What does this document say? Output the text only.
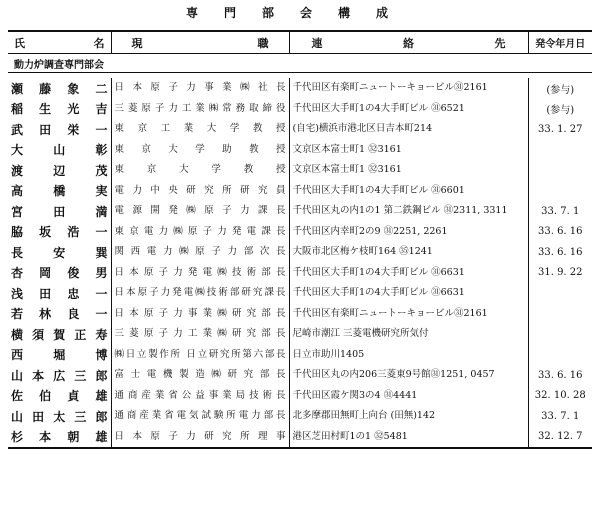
専門部会構成
氏名	現職	連絡先	発令年月日
動力炉調査専門部会			

瀬藤象二	日本原子力事業㈱社長	千代田区有楽町ニュートーキョービル㉛2161	(参与)
稲生光吉	三菱原子力工業㈱常務取締役	千代田区大手町1の4大手町ビル ㉛6521	(参与)
武田栄一	東京工業大学教授	(自宅)横浜市港北区日吉本町214	33. 1. 27
大山彰	東京大学助教授	文京区本富士町1 ㉜3161	
渡辺茂	東京大学教授	文京区本富士町1 ㉜3161	
高橋実	電力中央研究所研究員	千代田区大手町1の4大手町ビル ㉛6601	
宮田満	電源開発㈱原子力課長	千代田区丸の内1の1 第二鉄鋼ビル ㉛2311, 3311	33. 7. 1
脇坂浩一	東京電力㈱原子力発電課長	千代田区内幸町2の9 ㉛2251, 2261	33. 6. 16
長安巽	関西電力㈱原子力部次長	大阪市北区梅ケ枝町164 ㉟1241	33. 6. 16
杏岡俊男	日本原子力発電㈱技術部長	千代田区大手町1の4大手町ビル ㉛6631	31. 9. 22
浅田忠一	日本原子力発電㈱技術部研究課長	千代田区大手町1の4大手町ビル ㉛6631	
若林良一	日本原子力事業㈱研究部長	千代田区有楽町ニュートーキョービル㉛2161	
横須賀正寿	三菱原子力工業㈱研究部長	尼崎市潮江 三菱電機研究所気付	
西堀博	㈱日立製作所 日立研究所第六部長	日立市助川1405	
山本広三郎	富士電機製造㈱研究部長	千代田区丸の内206三菱東9号館㉛1251, 0457	33. 6. 16
佐伯貞雄	通商産業省公益事業局技術長	千代田区霞ケ関3の4 ㉛4441	32. 10. 28
山田太三郎	通商産業省電気試験所電力部長	北多摩郡田無町上向台 (田無)142	33. 7. 1
杉本朝雄	日本原子力研究所理事	港区芝田村町1の1 ㉜5481	32. 12. 7
